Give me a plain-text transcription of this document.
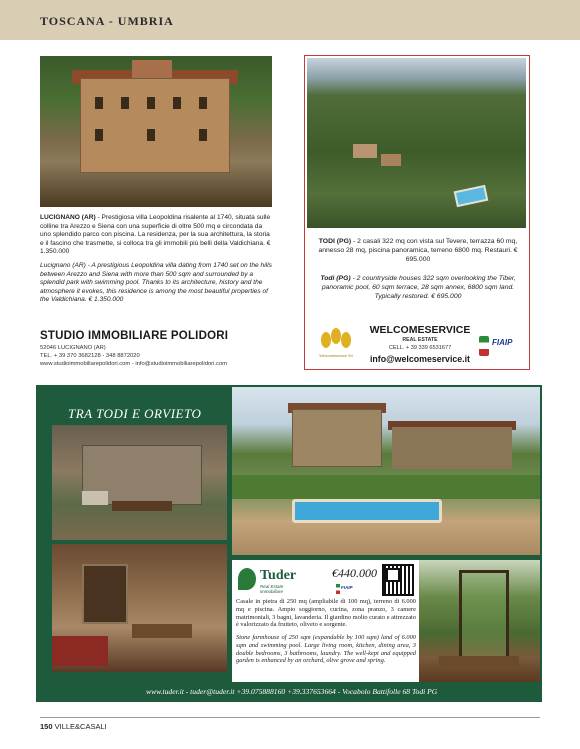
TOSCANA - UMBRIA
LUCIGNANO (AR) - Prestigiosa villa Leopoldina risalente al 1740, situata sulle colline tra Arezzo e Siena con una superficie di oltre 500 mq e circondata da uno splendido parco con piscina. La residenza, per la sua architettura, la storia e il fascino che trasmette, si colloca tra gli immobili più belli della Valdichiana. € 1.350.000
Lucignano (AR) - A prestigious Leopoldina villa dating from 1740 set on the hills between Arezzo and Siena with more than 500 sqm and surrounded by a splendid park with swimming pool. Thanks to its architecture, history and the atmosphere it evokes, this residence is among the most beautiful properties of the Valdichiana. € 1.350.000
STUDIO IMMOBILIARE POLIDORI
52046 LUCIGNANO (AR)
TEL. + 39 370 3682128 - 348 8872020
www.studioimmobiliarepolidori.com - info@studioimmobiliarepolidori.com
TODI (PG) - 2 casali 322 mq con vista sul Tevere, terrazza 60 mq, annesso 28 mq, piscina panoramica, terreno 6800 mq. Restauri. € 695.000
Todi (PG) - 2 countryside houses 322 sqm overlooking the Tiber, panoramic pool, 60 sqm terrace, 28 sqm annex, 6800 sqm land. Typically restored. € 695.000
Welcomeservice Srl
WELCOMESERVICE
REAL ESTATE
CELL. + 39 339 6531677
info@welcomeservice.it
FIAIP
TRA TODI E ORVIETO
Tuder
Real Estate immobiliare
€440.000
FIAIP
Casale in pietra di 250 mq (ampliabile di 100 mq), terreno di 6.000 mq e piscina. Ampio soggiorno, cucina, zona pranzo, 3 camere matrimoniali, 3 bagni, lavanderia. Il giardino molto curato e attrezzato è valorizzato da frutteto, oliveto e sorgente.
Stone farmhouse of 250 sqm (expandable by 100 sqm) land of 6.000 sqm and swimming pool. Large living room, kitchen, dining area, 3 double bedrooms, 3 bathrooms, laundry. The well-kept and equipped garden is enhanced by an orchard, olive grove and spring.
www.tuder.it - tuder@tuder.it +39.075888160 +39.337653664 - Vocabolo Battifolle 68 Todi PG
150 VILLE&CASALI
